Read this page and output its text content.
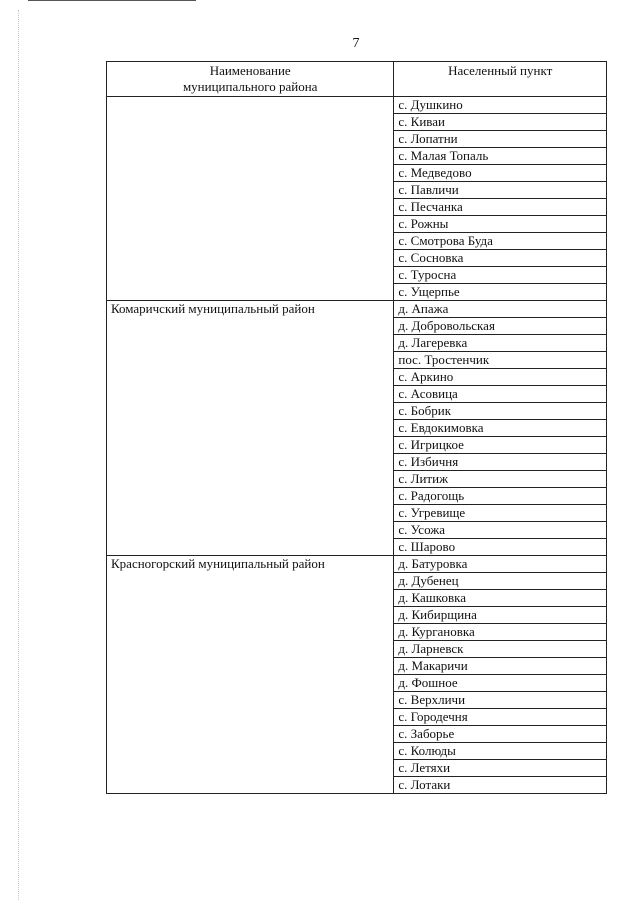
7
Наименование
муниципального района	Населенный пункт
	с. Душкино
	с. Киваи
	с. Лопатни
	с. Малая Топаль
	с. Медведово
	с. Павличи
	с. Песчанка
	с. Рожны
	с. Смотрова Буда
	с. Сосновка
	с. Туросна
	с. Ущерпье
Комаричский муниципальный район	д. Апажа
	д. Добровольская
	д. Лагеревка
	пос. Тростенчик
	с. Аркино
	с. Асовица
	с. Бобрик
	с. Евдокимовка
	с. Игрицкое
	с. Избичня
	с. Литиж
	с. Радогощь
	с. Угревище
	с. Усожа
	с. Шарово
Красногорский муниципальный район	д. Батуровка
	д. Дубенец
	д. Кашковка
	д. Кибирщина
	д. Кургановка
	д. Ларневск
	д. Макаричи
	д. Фошное
	с. Верхличи
	с. Городечня
	с. Заборье
	с. Колюды
	с. Летяхи
	с. Лотаки
